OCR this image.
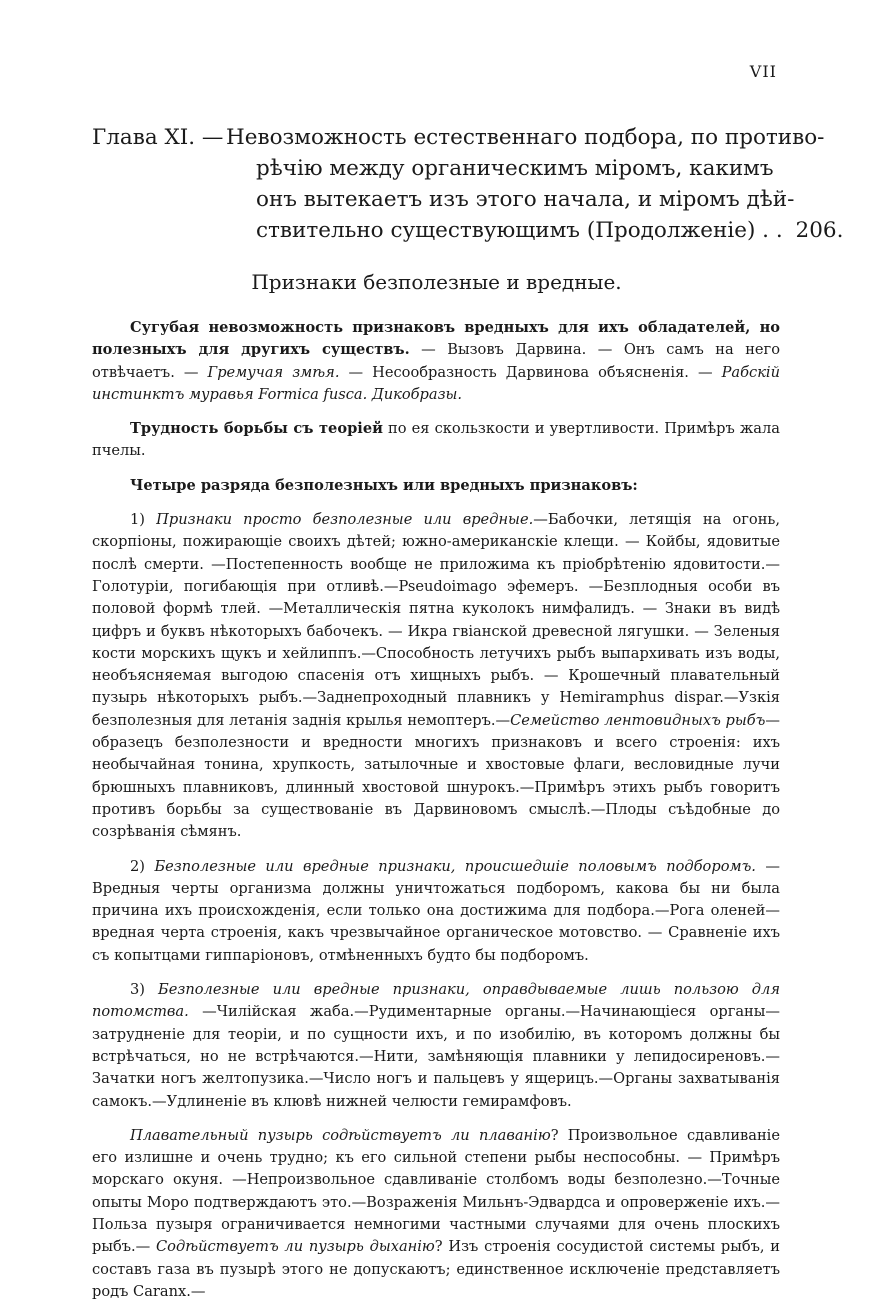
VII
Глава XI. — Невозможность естественнаго подбора, по противо-
рѣчію между органическимъ міромъ, какимъ
онъ вытекаетъ изъ этого начала, и міромъ дѣй-
ствительно существующимъ (Продолженіе) . . 206.
Признаки безполезные и вредные.

Сугубая невозможность признаковъ вредныхъ для ихъ обладателей, но полезныхъ для другихъ существъ. — Вызовъ Дарвина. — Онъ самъ на него отвѣчаетъ. — Гремучая змѣя. — Несообразность Дарвинова объясненія. — Рабскій инстинктъ муравья Formica fusca. Дикобразы.

Трудность борьбы съ теоріей по ея скользкости и увертливости. Примѣръ жала пчелы.

Четыре разряда безполезныхъ или вредныхъ признаковъ:

1) Признаки просто безполезные или вредные.—Бабочки, летящія на огонь, скорпіоны, пожирающіе своихъ дѣтей; южно-американскіе клещи. — Койбы, ядовитые послѣ смерти. —Постепенность вообще не приложима къ пріобрѣтенію ядовитости.—Голотуріи, погибающія при отливѣ.—Pseudoimago эфемеръ. —Безплодныя особи въ половой формѣ тлей. —Металлическія пятна куколокъ нимфалидъ. — Знаки въ видѣ цифръ и буквъ нѣкоторыхъ бабочекъ. — Икра гвіанской древесной лягушки. — Зеленыя кости морскихъ щукъ и хейлиппъ.—Способность летучихъ рыбъ выпархивать изъ воды, необъясняемая выгодою спасенія отъ хищныхъ рыбъ. — Крошечный плавательный пузырь нѣкоторыхъ рыбъ.—Заднепроходный плавникъ у Hemiramphus dispar.—Узкія безполезныя для летанія заднія крылья немоптеръ.—Семейство лентовидныхъ рыбъ—образецъ безполезности и вредности многихъ признаковъ и всего строенія: ихъ необычайная тонина, хрупкость, затылочные и хвостовые флаги, весловидные лучи брюшныхъ плавниковъ, длинный хвостовой шнурокъ.—Примѣръ этихъ рыбъ говоритъ противъ борьбы за существованіе въ Дарвиновомъ смыслѣ.—Плоды съѣдобные до созрѣванія сѣмянъ.

2) Безполезные или вредные признаки, происшедшіе половымъ подборомъ. — Вредныя черты организма должны уничтожаться подборомъ, какова бы ни была причина ихъ происхожденія, если только она достижима для подбора.—Рога оленей—вредная черта строенія, какъ чрезвычайное органическое мотовство. — Сравненіе ихъ съ копытцами гиппаріоновъ, отмѣненныхъ будто бы подборомъ.

3) Безполезные или вредные признаки, оправдываемые лишь пользою для потомства. —Чилійская жаба.—Рудиментарные органы.—Начинающіеся органы—затрудненіе для теоріи, и по сущности ихъ, и по изобилію, въ которомъ должны бы встрѣчаться, но не встрѣчаются.—Нити, замѣняющія плавники у лепидосиреновъ.—Зачатки ногъ желтопузика.—Число ногъ и пальцевъ у ящерицъ.—Органы захватыванія самокъ.—Удлиненіе въ клювѣ нижней челюсти гемирамфовъ.

Плавательный пузырь содѣйствуетъ ли плаванію? Произвольное сдавливаніе его излишне и очень трудно; къ его сильной степени рыбы неспособны. — Примѣръ морскаго окуня. —Непроизвольное сдавливаніе столбомъ воды безполезно.—Точные опыты Моро подтверждаютъ это.—Возраженія Мильнъ-Эдвардса и опроверженіе ихъ.—Польза пузыря ограничивается немногими частными случаями для очень плоскихъ рыбъ.— Содѣйствуетъ ли пузырь дыханію? Изъ строенія сосудистой системы рыбъ, и составъ газа въ пузырѣ этого не допускаютъ; единственное исключеніе представляетъ родъ Caranx.—
